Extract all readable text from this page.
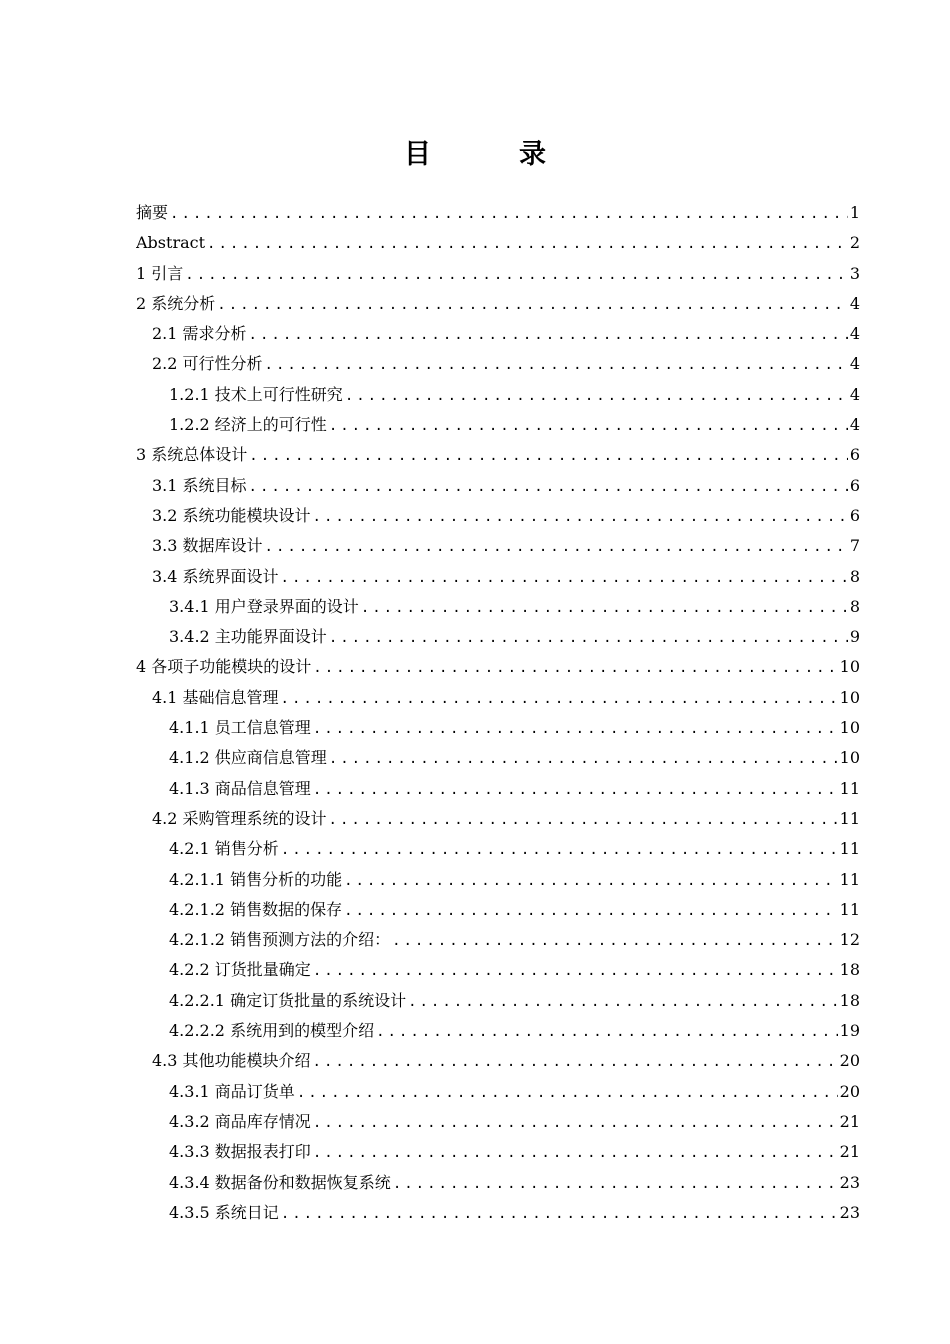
目	录
摘要 .....	1
Abstract .....	2
1 引言 .....	3
2 系统分析 .....	4
2.1 需求分析 .....	4
2.2 可行性分析 .....	4
1.2.1 技术上可行性研究 .....	4
1.2.2 经济上的可行性 .....	4
3 系统总体设计 .....	6
3.1 系统目标 .....	6
3.2 系统功能模块设计 .....	6
3.3 数据库设计 .....	7
3.4 系统界面设计 .....	8
3.4.1 用户登录界面的设计 .....	8
3.4.2 主功能界面设计 .....	9
4 各项子功能模块的设计 .....	10
4.1 基础信息管理 .....	10
4.1.1 员工信息管理 .....	10
4.1.2 供应商信息管理 .....	10
4.1.3 商品信息管理 .....	11
4.2 采购管理系统的设计 .....	11
4.2.1 销售分析 .....	11
4.2.1.1 销售分析的功能 .....	11
4.2.1.2 销售数据的保存 .....	11
4.2.1.2 销售预测方法的介绍： .....	12
4.2.2 订货批量确定 .....	18
4.2.2.1 确定订货批量的系统设计 .....	18
4.2.2.2 系统用到的模型介绍 .....	19
4.3 其他功能模块介绍 .....	20
4.3.1 商品订货单 .....	20
4.3.2 商品库存情况 .....	21
4.3.3 数据报表打印 .....	21
4.3.4 数据备份和数据恢复系统 .....	23
4.3.5 系统日记 .....	23
